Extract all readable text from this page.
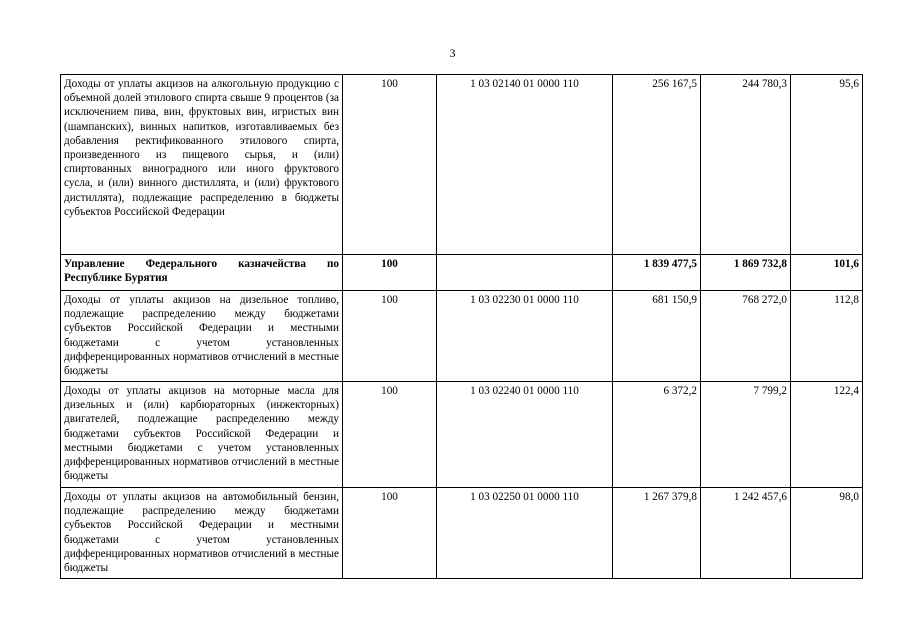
3
Доходы от уплаты акцизов на алкогольную продукцию с объемной долей этилового спирта свыше 9 процентов (за исключением пива, вин, фруктовых вин, игристых вин (шампанских), винных напитков, изготавливаемых без добавления ректификованного этилового спирта, произведенного из пищевого сырья, и (или) спиртованных виноградного или иного фруктового сусла, и (или) винного дистиллята, и (или) фруктового дистиллята), подлежащие распределению в бюджеты субъектов Российской Федерации	100	1 03 02140 01 0000 110	256 167,5	244 780,3	95,6
Управление Федерального казначейства по Республике Бурятия	100		1 839 477,5	1 869 732,8	101,6
Доходы от уплаты акцизов на дизельное топливо, подлежащие распределению между бюджетами субъектов Российской Федерации и местными бюджетами с учетом установленных дифференцированных нормативов отчислений в местные бюджеты	100	1 03 02230 01 0000 110	681 150,9	768 272,0	112,8
Доходы от уплаты акцизов на моторные масла для дизельных и (или) карбюраторных (инжекторных) двигателей, подлежащие распределению между бюджетами субъектов Российской Федерации и местными бюджетами с учетом установленных дифференцированных нормативов отчислений в местные бюджеты	100	1 03 02240 01 0000 110	6 372,2	7 799,2	122,4
Доходы от уплаты акцизов на автомобильный бензин, подлежащие распределению между бюджетами субъектов Российской Федерации и местными бюджетами с учетом установленных дифференцированных нормативов отчислений в местные бюджеты	100	1 03 02250 01 0000 110	1 267 379,8	1 242 457,6	98,0
